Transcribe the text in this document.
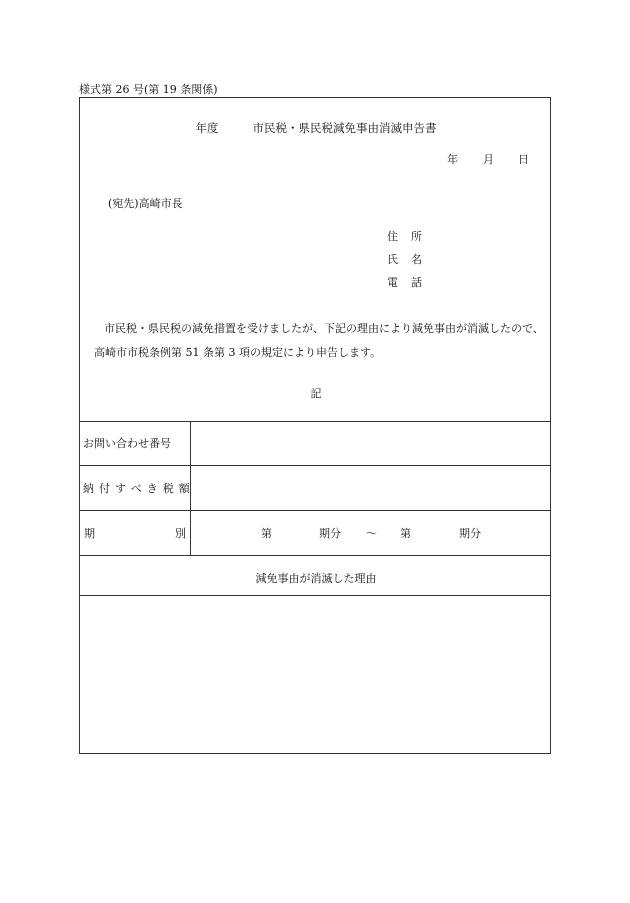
様式第 26 号(第 19 条関係)
年度	市民税・県民税減免事由消滅申告書
年 月 日
(宛先)高崎市長
住 所
氏 名
電 話
市民税・県民税の減免措置を受けましたが、下記の理由により減免事由が消滅したので、高崎市市税条例第 51 条第 3 項の規定により申告します。
記
お問い合わせ番号
納付すべき税額
期	別	第	期分 〜 第	期分
減免事由が消滅した理由
